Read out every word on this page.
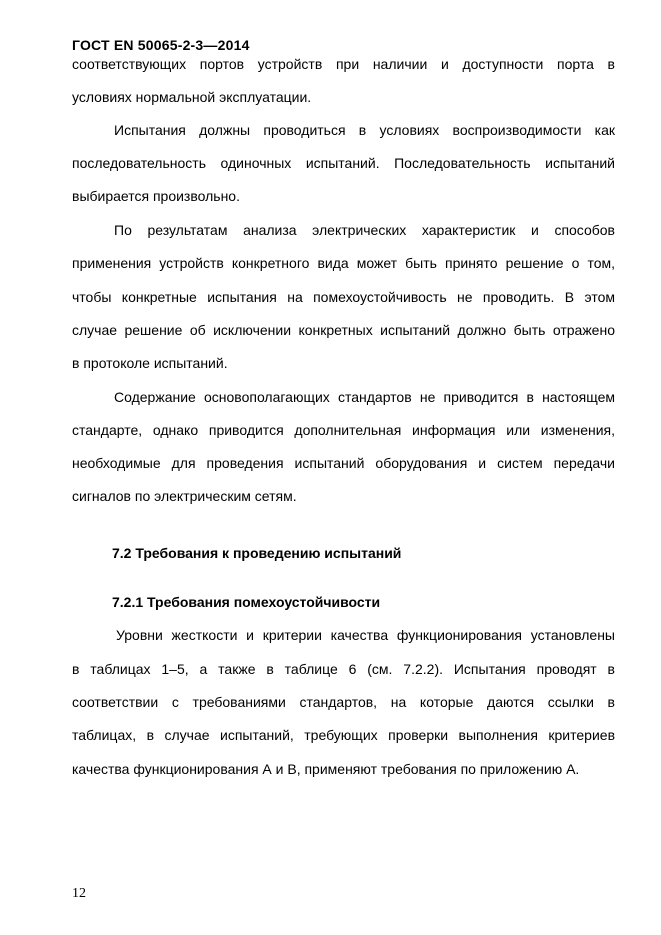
ГОСТ EN 50065-2-3—2014
соответствующих портов устройств при наличии и доступности порта в
условиях нормальной эксплуатации.
Испытания должны проводиться в условиях воспроизводимости как
последовательность одиночных испытаний. Последовательность испытаний
выбирается произвольно.
Пo результатам анализа электрических характеристик и способов
применения устройств конкретного вида может быть принято решение о том,
чтобы конкретные испытания на помехоустойчивость не проводить. В этом
случае решение об исключении конкретных испытаний должно быть отражено
в протоколе испытаний.
Содержание основополагающих стандартов не приводится в настоящем
стандарте, однако приводится дополнительная информация или изменения,
необходимые для проведения испытаний оборудования и систем передачи
сигналов по электрическим сетям.
7.2 Требования к проведению испытаний
7.2.1 Требования помехоустойчивости
Уровни жесткости и критерии качества функционирования установлены
в таблицах 1–5, а также в таблице 6 (см. 7.2.2). Испытания проводят в
соответствии с требованиями стандартов, на которые даются ссылки в
таблицах, в случае испытаний, требующих проверки выполнения критериев
качества функционирования А и В, применяют требования по приложению А.
12
